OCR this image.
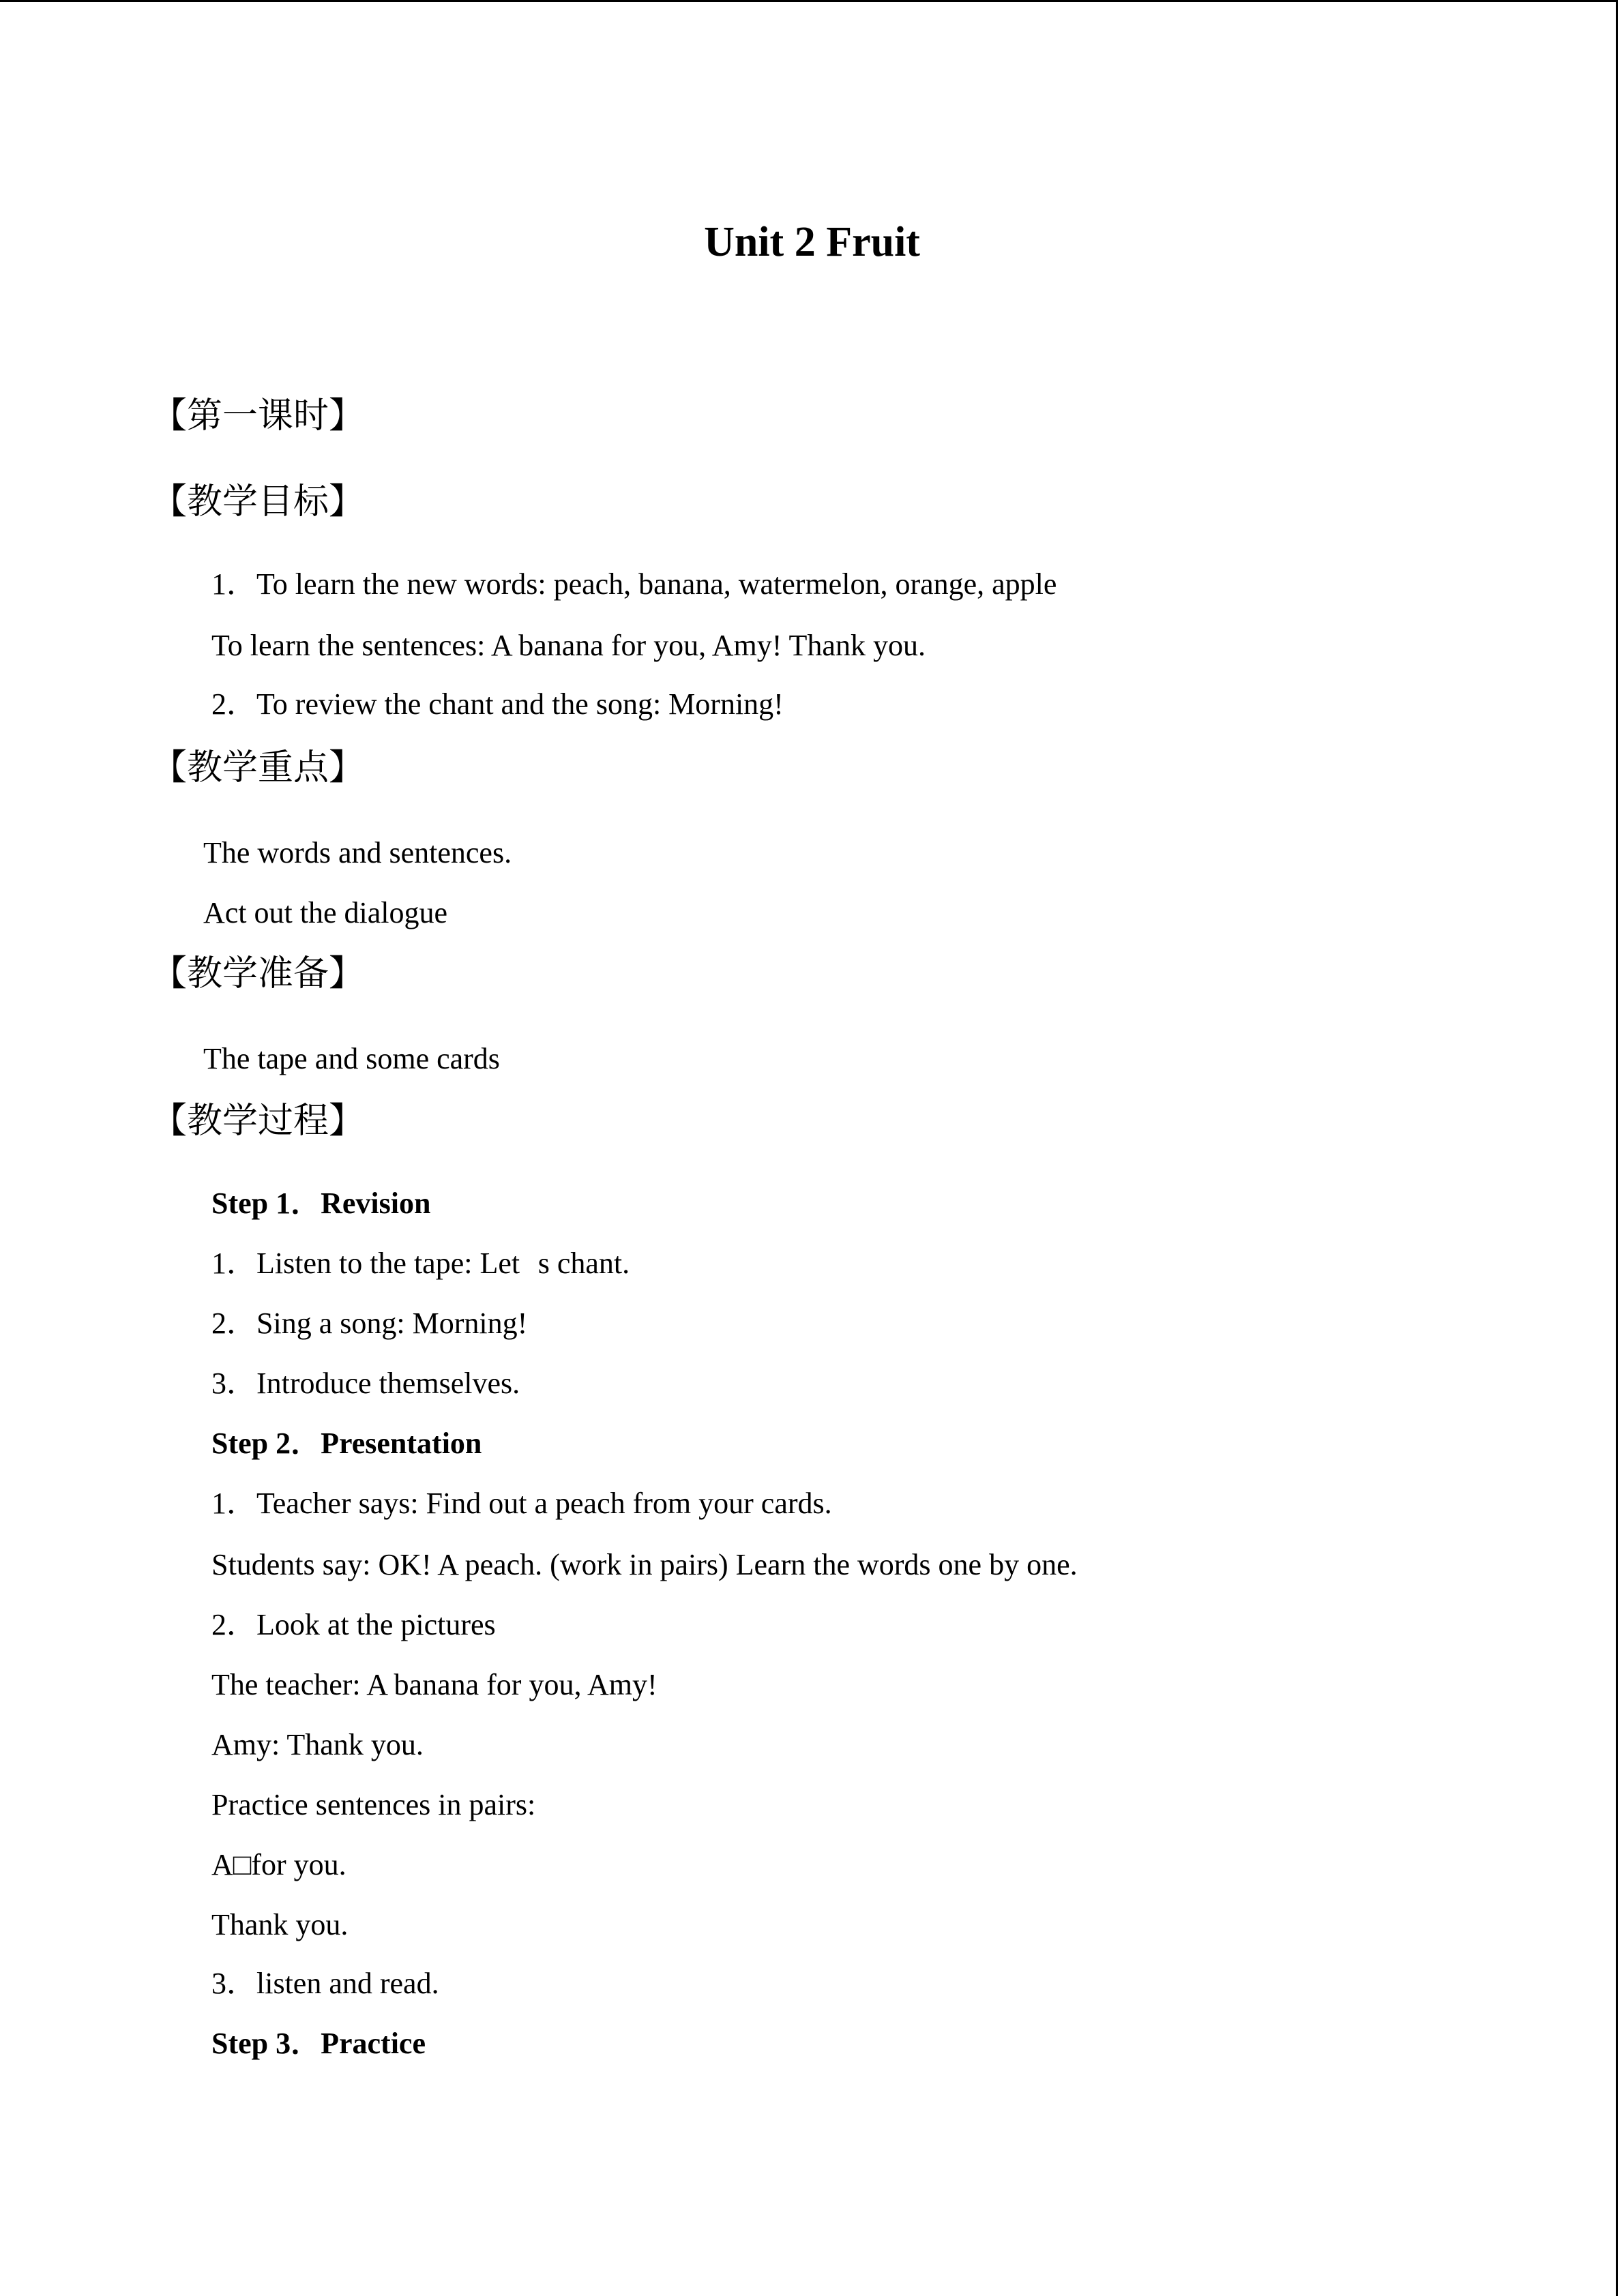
Unit 2 Fruit

【第一课时】

【教学目标】

1．To learn the new words: peach, banana, watermelon, orange, apple

To learn the sentences: A banana for you, Amy! Thank you.

2．To review the chant and the song: Morning!

【教学重点】

The words and sentences.

Act out the dialogue

【教学准备】

The tape and some cards

【教学过程】

Step 1．Revision

1．Listen to the tape: Lets chant.

2．Sing a song: Morning!

3．Introduce themselves.

Step 2．Presentation

1．Teacher says: Find out a peach from your cards.

Students say: OK! A peach. (work in pairs) Learn the words one by one.

2．Look at the pictures

The teacher: A banana for you, Amy!

Amy: Thank you.

Practice sentences in pairs:

A□for you.

Thank you.

3．listen and read.

Step 3．Practice
